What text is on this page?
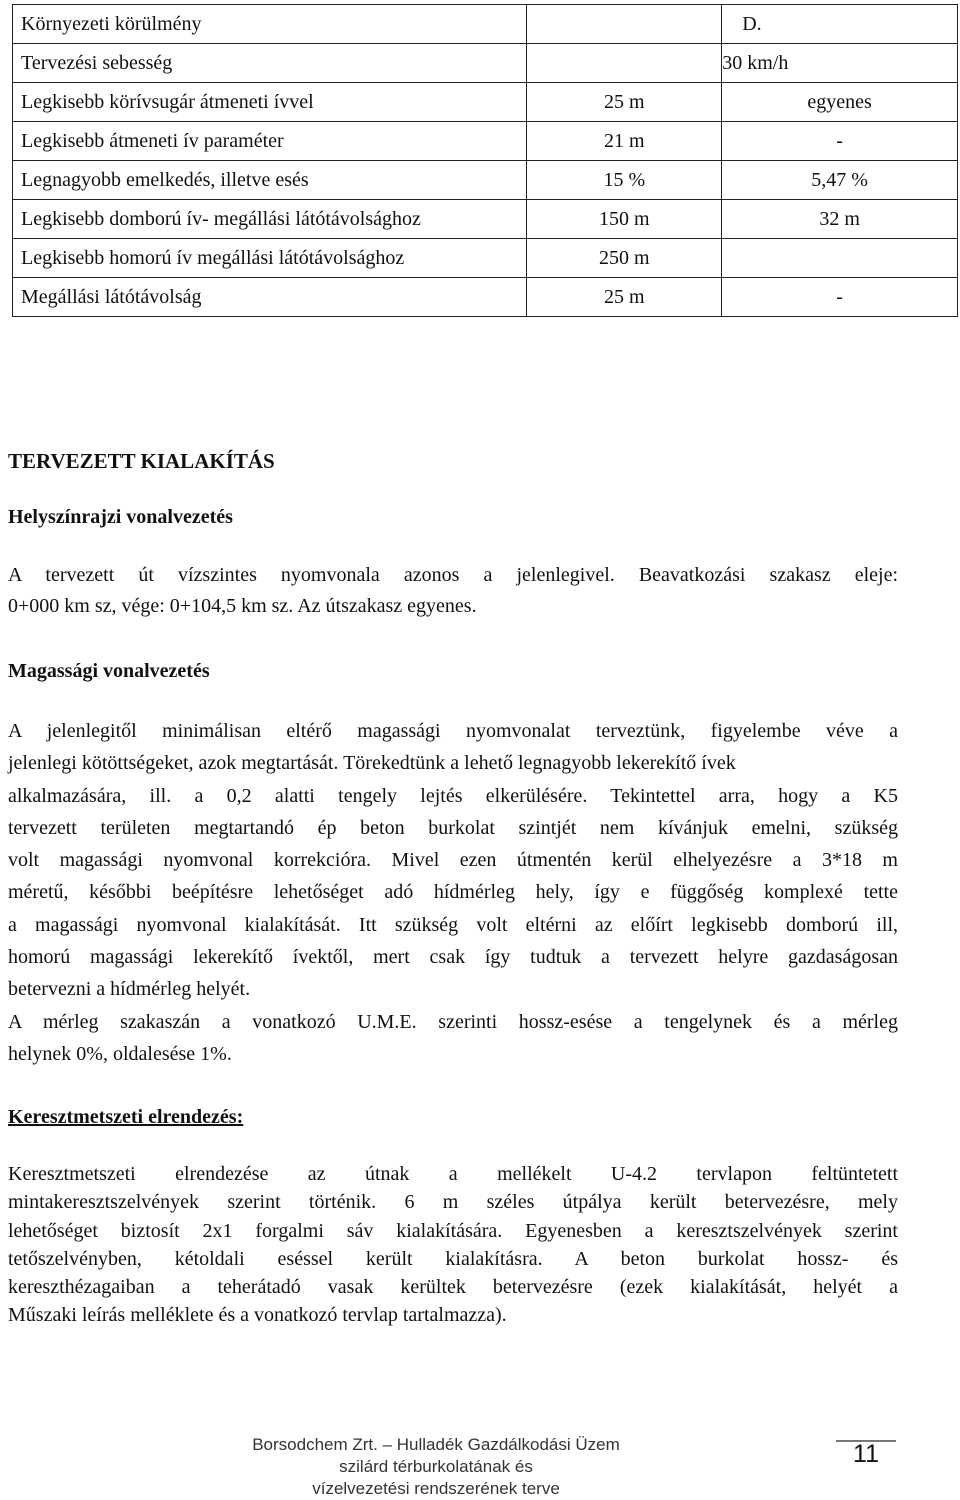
Környezeti körülmény		D.
Tervezési sebesség		30 km/h
Legkisebb körívsugár átmeneti ívvel	25 m	egyenes
Legkisebb átmeneti ív paraméter	21 m	-
Legnagyobb emelkedés, illetve esés	15 %	5,47 %
Legkisebb domború ív- megállási látótávolsághoz	150 m	32 m
Legkisebb homorú ív megállási látótávolsághoz	250 m	
Megállási látótávolság	25 m	-
TERVEZETT KIALAKÍTÁS
Helyszínrajzi vonalvezetés
A tervezett út vízszintes nyomvonala azonos a jelenlegivel. Beavatkozási szakasz eleje:
0+000 km sz, vége: 0+104,5 km sz. Az útszakasz egyenes.
Magassági vonalvezetés
A jelenlegitől minimálisan eltérő magassági nyomvonalat terveztünk, figyelembe véve a
jelenlegi kötöttségeket, azok megtartását. Törekedtünk a lehető legnagyobb lekerekítő ívek
alkalmazására, ill. a 0,2 alatti tengely lejtés elkerülésére. Tekintettel arra, hogy a K5
tervezett területen megtartandó ép beton burkolat szintjét nem kívánjuk emelni, szükség
volt magassági nyomvonal korrekcióra. Mivel ezen útmentén kerül elhelyezésre a 3*18 m
méretű, későbbi beépítésre lehetőséget adó hídmérleg hely, így e függőség komplexé tette
a magassági nyomvonal kialakítását. Itt szükség volt eltérni az előírt legkisebb domború ill,
homorú magassági lekerekítő ívektől, mert csak így tudtuk a tervezett helyre gazdaságosan
betervezni a hídmérleg helyét.
A mérleg szakaszán a vonatkozó U.M.E. szerinti hossz-esése a tengelynek és a mérleg
helynek 0%, oldalesése 1%.
Keresztmetszeti elrendezés:
Keresztmetszeti elrendezése az útnak a mellékelt U-4.2 tervlapon feltüntetett
mintakeresztszelvények szerint történik. 6 m széles útpálya került betervezésre, mely
lehetőséget biztosít 2x1 forgalmi sáv kialakítására. Egyenesben a keresztszelvények szerint
tetőszelvényben, kétoldali eséssel került kialakításra. A beton burkolat hossz- és
kereszthézagaiban a teherátadó vasak kerültek betervezésre (ezek kialakítását, helyét a
Műszaki leírás melléklete és a vonatkozó tervlap tartalmazza).
Borsodchem Zrt. – Hulladék Gazdálkodási Üzem
szilárd térburkolatának és
vízelvezetési rendszerének terve
11
